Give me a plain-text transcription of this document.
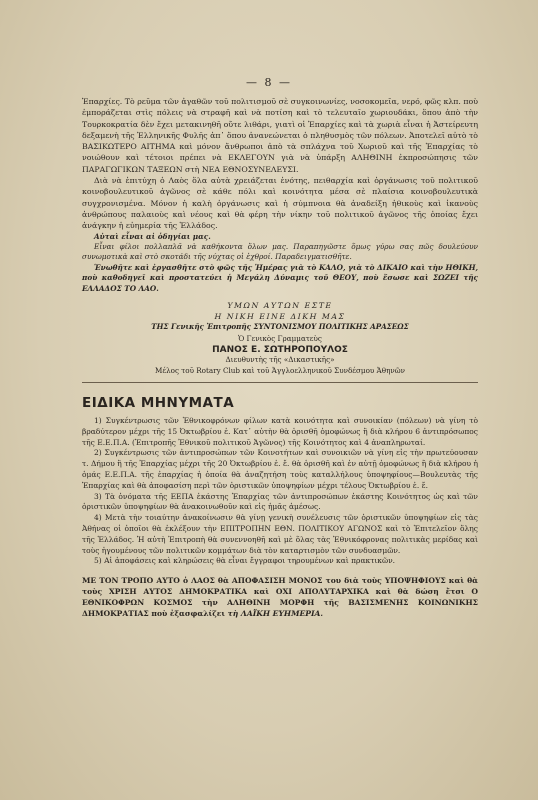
— 8 —

Ἐπαρχίες. Τὸ ρεῦμα τῶν ἀγαθῶν τοῦ πολιτισμοῦ σὲ συγκοινωνίες, νοσοκομεῖα, νερό, φῶς κλπ. ποὺ ἐμποράζεται στὶς πόλεις νὰ στραφῆ καὶ νὰ ποτίση καὶ τὸ τελευταῖο χωριουδάκι, ὅπου ἀπὸ τὴν Τουρκοκρατία δὲν ἔχει μετακινηθῆ οὔτε λιθάρι, γιατὶ οἱ Ἐπαρχίες καὶ τὰ χωριὰ εἶναι ἡ Ἀστείρευτη δεξαμενὴ τῆς Ἑλληνικῆς Φυλῆς ἀπ᾽ ὅπου ἀνανεώνεται ὁ πληθυσμὸς τῶν πόλεων. Ἀποτελεῖ αὐτὸ τὸ ΒΑΣΙΚΩΤΕΡΟ ΑΙΤΗΜΑ καὶ μόνον ἄνθρωποι ἀπὸ τὰ σπλάχνα τοῦ Χωριοῦ καὶ τῆς Ἐπαρχίας τὸ νοιώθουν καὶ τέτοιοι πρέπει νὰ ΕΚΛΕΓΟΥΝ γιὰ νὰ ὑπάρξη ΑΛΗΘΙΝΗ ἐκπροσώπησις τῶν ΠΑΡΑΓΩΓΙΚΩΝ ΤΑΞΕΩΝ στὴ ΝΕΑ ΕΘΝΟΣΥΝΕΛΕΥΣΙ.

Διὰ νὰ ἐπιτύχη ὁ Λαὸς ὅλα αὐτὰ χρειάζεται ἑνότης, πειθαρχία καὶ ὀργάνωσις τοῦ πολιτικοῦ κοινοβουλευτικοῦ ἀγῶνος σὲ κάθε πόλι καὶ κοινότητα μέσα σὲ πλαίσια κοινοβουλευτικὰ συγχρονισμένα. Μόνον ἡ καλὴ ὀργάνωσις καὶ ἡ σύμπνοια θὰ ἀναδείξη ἠθικοὺς καὶ ἱκανοὺς ἀνθρώπους παλαιοὺς καὶ νέους καὶ θὰ φέρη τὴν νίκην τοῦ πολιτικοῦ ἀγῶνος τῆς ὁποίας ἔχει ἀνάγκην ἡ εὐημερία τῆς Ἑλλάδος.

Αὐταὶ εἶναι αἱ ὁδηγίαι μας.

Εἶναι φίλοι πολλαπλᾶ νὰ καθήκοντα ὅλων μας. Παραπηγῶστε ὅμως γύρω σας πῶς δουλεύουν συνωμοτικὰ καὶ στὸ σκοτάδι τῆς νύχτας οἱ ἐχθροί. Παραδειγματισθῆτε.

Ἑνωθῆτε καὶ ἐργασθῆτε στὸ φῶς τῆς Ἡμέρας γιὰ τὸ ΚΑΛΟ, γιὰ τὸ ΔΙΚΑΙΟ καὶ τὴν ΗΘΙΚΗ, ποὺ καθοδηγεῖ καὶ προστατεύει ἡ Μεγάλη Δύναμις τοῦ ΘΕΟΥ, ποὺ ἔσωσε καὶ ΣΩΖΕΙ τῆς ΕΛΛΑΔΟΣ ΤΟ ΛΑΟ.

ΥΜΩΝ ΑΥΤΩΝ ΕΣΤΕ
Η ΝΙΚΗ ΕΙΝΕ ΔΙΚΗ ΜΑΣ
ΤΗΣ Γενικῆς Ἐπιτροπῆς ΣΥΝΤΟΝΙΣΜΟΥ ΠΟΛΙΤΙΚΗΣ ΑΡΑΣΕΩΣ
Ὁ Γενικὸς Γραμματεὺς
ΠΑΝΟΣ Ε. ΣΩΤΗΡΟΠΟΥΛΟΣ
Διευθυντὴς τῆς «Δικαστικῆς»
Μέλος τοῦ Rotary Club καὶ τοῦ Ἀγγλοελληνικοῦ Συνδέσμου Ἀθηνῶν
ΕΙΔΙΚΑ ΜΗΝΥΜΑΤΑ

1) Συγκέντρωσις τῶν Ἐθνικοφρόνων φίλων κατὰ κοινότητα καὶ συνοικίαν (πόλεων) νὰ γίνη τὸ βραδύτερον μέχρι τῆς 15 Ὀκτωβρίου ἐ. Κατ᾽ αὐτὴν θὰ ὁρισθῆ ὁμοφώνως ἢ διὰ κλήρου 6 ἀντιπρόσωπος τῆς Ε.Ε.Π.Α. (Ἐπιτροπῆς Ἐθνικοῦ πολιτικοῦ Ἀγῶνος) τῆς Κοινότητος καὶ 4 ἀναπληρωταί.

2) Συγκέντρωσις τῶν ἀντιπροσώπων τῶν Κοινοτήτων καὶ συνοικιῶν νὰ γίνη εἰς τὴν πρωτεύουσαν τ. Δήμου ἢ τῆς Ἐπαρχίας μέχρι τῆς 20 Ὀκτωβρίου ἐ. ἔ. θὰ ὁρισθῆ καὶ ἐν αὐτῇ ὁμοφώνως ἢ διὰ κλήρου ἡ ὁμάς Ε.Ε.Π.Α. τῆς ἐπαρχίας ἡ ὁποία θὰ ἀναζητήση τοὺς καταλλήλους ὑποψηφίους—Βουλευτὰς τῆς Ἐπαρχίας καὶ θὰ ἀποφασίση περὶ τῶν ὁριστικῶν ὑποψηφίων μέχρι τέλους Ὀκτωβρίου ἐ. ἔ.

3) Τὰ ὀνόματα τῆς ΕΕΠΑ ἑκάστης Ἐπαρχίας τῶν ἀντιπροσώπων ἑκάστης Κοινότητος ὡς καὶ τῶν ὁριστικῶν ὑποψηφίων θὰ ἀνακοινωθοῦν καὶ εἰς ἡμᾶς ἀμέσως.

4) Μετὰ τὴν τοιαύτην ἀνακοίνωσιν θὰ γίνῃ γενικὴ συνέλευσις τῶν ὁριστικῶν ὑποψηφίων εἰς τὰς Ἀθήνας οἱ ὁποῖοι θὰ ἐκλέξουν τὴν ΕΠΙΤΡΟΠΗΝ ΕΘΝ. ΠΟΛΙΤΙΚΟΥ ΑΓΩΝΟΣ καὶ τὸ Ἐπιτελεῖον ὅλης τῆς Ἑλλάδος. Ἡ αὐτὴ Ἐπιτροπὴ θὰ συνεννοηθῆ καὶ μὲ ὅλας τὰς Ἐθνικόφρονας πολιτικὰς μερίδας καὶ τοὺς ἡγουμένους τῶν πολιτικῶν κομμάτων διὰ τὸν καταρτισμὸν τῶν συνδυασμῶν.

5) Αἱ ἀποφάσεις καὶ κληρώσεις θὰ εἶναι ἔγγραφοι τηρουμένων καὶ πρακτικῶν.

ΜΕ ΤΟΝ ΤΡΟΠΟ ΑΥΤΟ ὁ ΛΑΟΣ θὰ ΑΠΟΦΑΣΙΣΗ ΜΟΝΟΣ του διὰ τοὺς ΥΠΟΨΗΦΙΟΥΣ καὶ θὰ τοὺς ΧΡΙΣΗ ΑΥΤΟΣ ΔΗΜΟΚΡΑΤΙΚΑ καὶ ΟΧΙ ΑΠΟΛΥΤΑΡΧΙΚΑ καὶ θὰ δώση ἔτσι Ο ΕΘΝΙΚΟΦΡΩΝ ΚΟΣΜΟΣ τὴν ΑΛΗΘΙΝΗ ΜΟΡΦΗ τῆς ΒΑΣΙΣΜΕΝΗΣ ΚΟΙΝΩΝΙΚΗΣ ΔΗΜΟΚΡΑΤΙΑΣ ποὺ ἐξασφαλίζει τὴ ΛΑΪΚΗ ΕΥΗΜΕΡΙΑ.
